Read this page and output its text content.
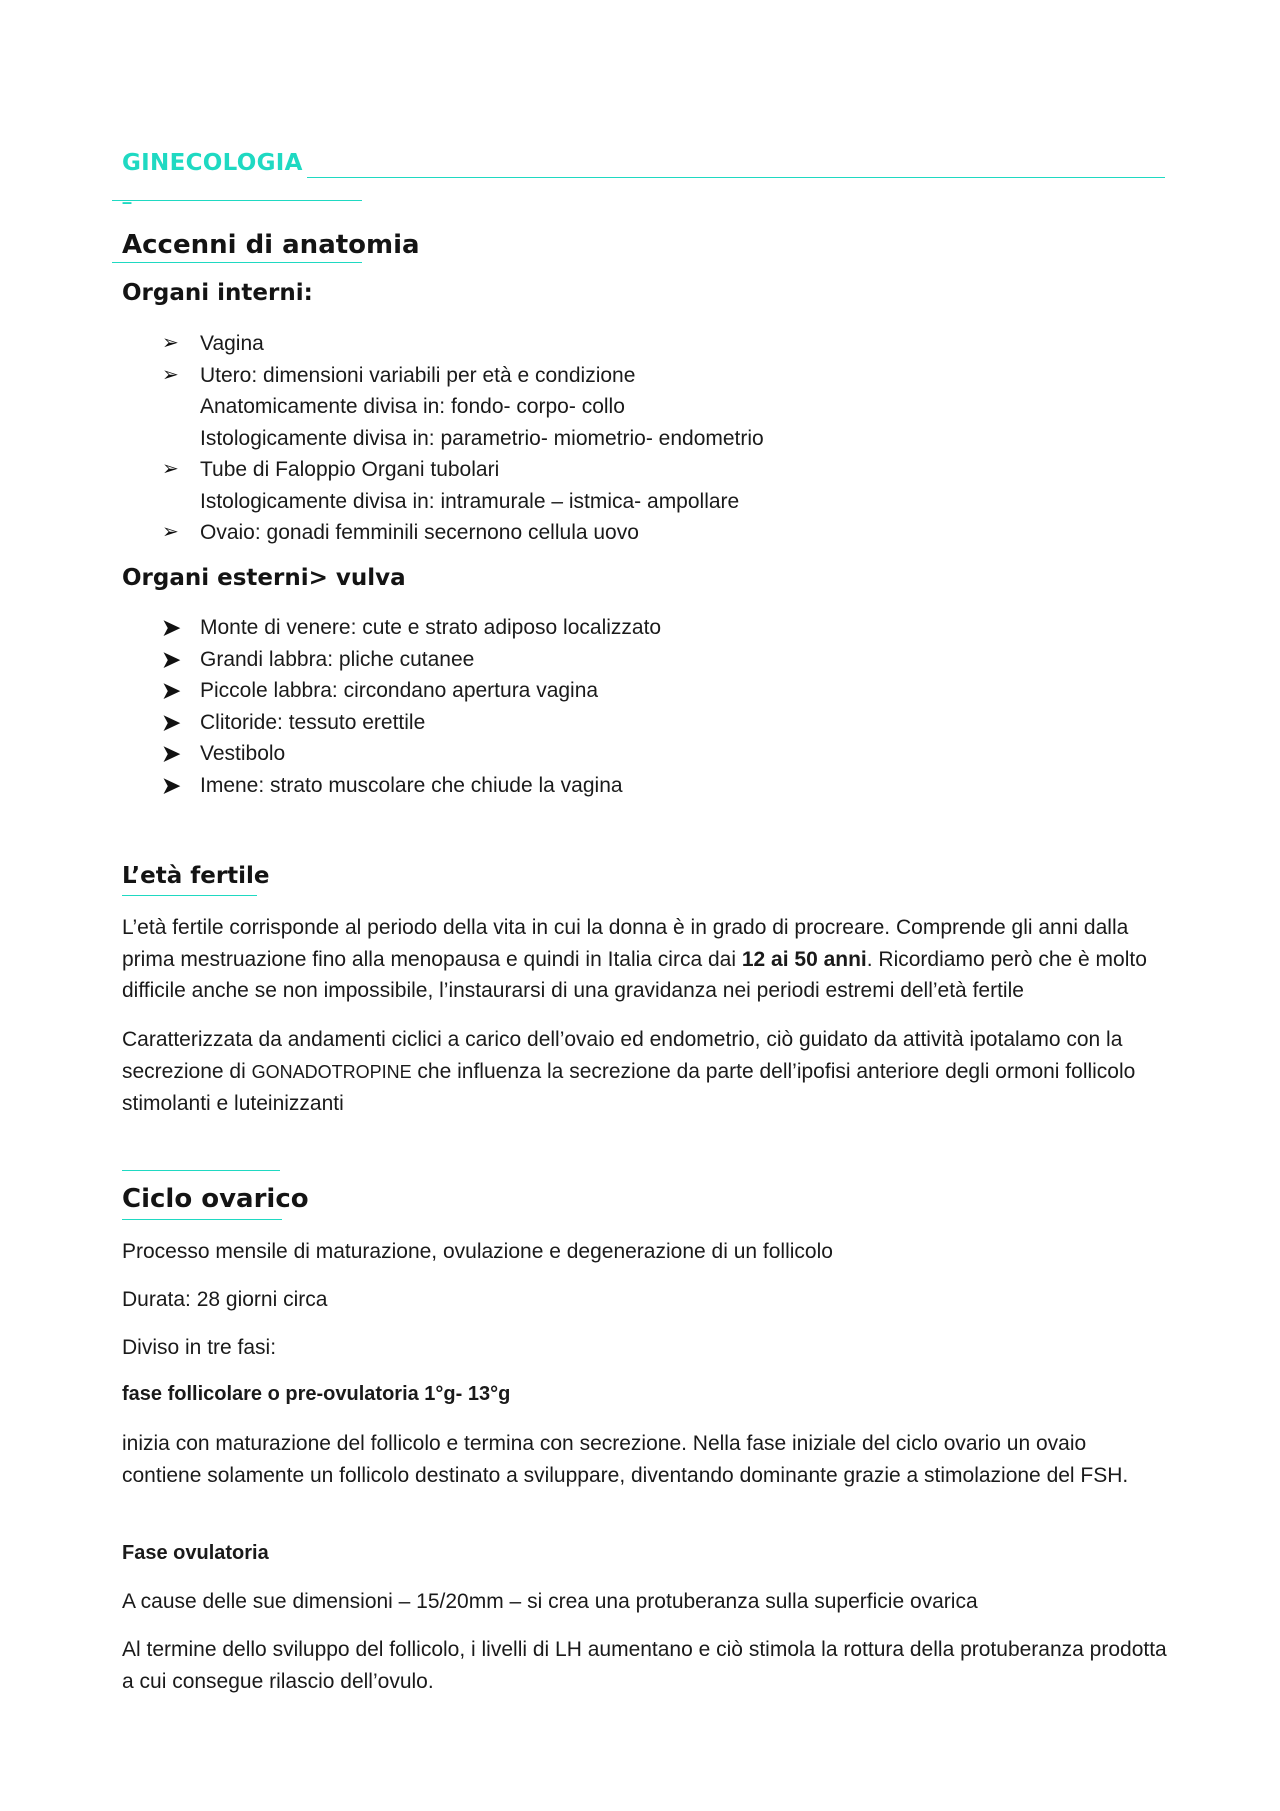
GINECOLOGIA
–
Accenni di anatomia
Organi interni:
➢ Vagina
➢ Utero: dimensioni variabili per età e condizione
Anatomicamente divisa in: fondo- corpo- collo
Istologicamente divisa in: parametrio- miometrio- endometrio
➢ Tube di Faloppio Organi tubolari
Istologicamente divisa in: intramurale – istmica- ampollare
➢ Ovaio: gonadi femminili secernono cellula uovo
Organi esterni> vulva
➤ Monte di venere: cute e strato adiposo localizzato
➤ Grandi labbra: pliche cutanee
➤ Piccole labbra: circondano apertura vagina
➤ Clitoride: tessuto erettile
➤ Vestibolo
➤ Imene: strato muscolare che chiude la vagina
L’età fertile

L’età fertile corrisponde al periodo della vita in cui la donna è in grado di procreare. Comprende gli anni dalla prima mestruazione fino alla menopausa e quindi in Italia circa dai 12 ai 50 anni. Ricordiamo però che è molto difficile anche se non impossibile, l’instaurarsi di una gravidanza nei periodi estremi dell’età fertile

Caratterizzata da andamenti ciclici a carico dell’ovaio ed endometrio, ciò guidato da attività ipotalamo con la secrezione di GONADOTROPINE che influenza la secrezione da parte dell’ipofisi anteriore degli ormoni follicolo stimolanti e luteinizzanti

Ciclo ovarico

Processo mensile di maturazione, ovulazione e degenerazione di un follicolo

Durata: 28 giorni circa

Diviso in tre fasi:

fase follicolare o pre-ovulatoria 1°g- 13°g

inizia con maturazione del follicolo e termina con secrezione. Nella fase iniziale del ciclo ovario un ovaio contiene solamente un follicolo destinato a sviluppare, diventando dominante grazie a stimolazione del FSH.

Fase ovulatoria

A cause delle sue dimensioni – 15/20mm – si crea una protuberanza sulla superficie ovarica

Al termine dello sviluppo del follicolo, i livelli di LH aumentano e ciò stimola la rottura della protuberanza prodotta a cui consegue rilascio dell’ovulo.
